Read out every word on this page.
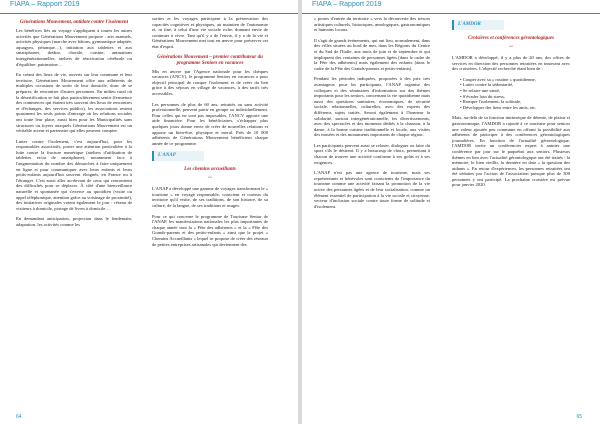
FIAPA – Rapport 2019
Générations Mouvement, antidote contre l'isolement

Les bénéfices liés au voyage s'appliquent à toutes les autres activités que Générations Mouvement propose : arts manuels, activités physiques (marche avec bâtons, gymnastique adaptée, aquagym, pétanque…), initiation aux tablettes et aux smartphones, théâtre, chorale, cuisine, animations intergénérationnelles, ateliers de réactivation cérébrale ou d'équilibre, patrimoine…

En créant des lieux de vie, ouverts sur leur commune et leur territoire, Générations Mouvement offre aux adhérents de multiples occasions de sortir de leur domicile, donc de se préparer, de rencontrer d'autres personnes. En milieu rural où la désertification se fait plus particulièrement sentir (fermeture des commerces qui étaient très souvent des lieux de rencontres et d'échanges, des services publics), les associations restent quasiment les seuls points d'ancrage où les relations sociales ont toute leur place, aussi bien pour les Municipalités sans structures ou foyers auxquels Générations Mouvement est un véritable acteur et partenaire qui elles peuvent compter.

Lutter contre l'isolement, c'est aujourd'hui, pour les responsables associatifs, porter une attention particulière à la lutte contre la fracture numérique (ateliers d'utilisation de tablettes et/ou de smartphone), notamment face à l'augmentation du nombre des démarches à faire uniquement en ligne et pour communiquer avec leurs enfants et leurs petits-enfants aujourd'hui souvent éloignés, en France ou à l'étranger. C'est aussi aller au-devant de ceux qui rencontrent des difficultés pour se déplacer. À côté d'une bienveillance naturelle et spontanée qui s'exerce au quotidien (visite ou appel téléphonique, attention grâce au voisinage de proximité), des initiatives originales voient également le jour : réseau de visiteurs à domicile, portage de livres à domicile…

En demandant anticipation, projection dans le lendemain, adaptation, les activités comme les

sorties et les voyages participent à la préservation des capacités cognitives et physiques, au maintien de l'autonomie et, in fine, à celui d'une vie sociale riche, donnant envie de continuer à vivre. Tant qu'il y a de l'envie, il y a de la vie et Générations Mouvement met tout en œuvre pour préserver cet état d'esprit.

Générations Mouvement – premier contributeur du programme Seniors en vacances

Mis en œuvre par l'Agence nationale pour les chèques vacances (ANCV), le programme Seniors en vacances a pour objectif principal de rompre l'isolement et de créer du lien grâce à des séjours en village de vacances, à des tarifs très accessibles.

Les personnes de plus de 60 ans, retraités ou sans activité professionnelle, peuvent partir en groupe ou individuellement. Pour celles qui ne sont pas imposables, l'ANCV apporte une aide financière. Pour les bénéficiaires, s'échapper plus quelques jours donne envie de créer de nouvelles relations et apporte un bien-être, physique et moral. Près de 10 000 adhérents de Générations Mouvement bénéficient chaque année de ce programme.

L'ANAP
Les chemins accueillants
~

L'ANAP a développé une gamme de voyages transformant le « tourisme » en voyage responsable, conscient et curieux du territoire qu'il visite, de ses traditions, de son histoire, de sa culture, de la langue, de ses traditions et usages.

Pour ce qui concerne le programme de Tourisme Senior de l'ANAP, les manifestations nationales les plus importantes de chaque année sont la « Fête des adhérents » et la « Fête des Grands-parents et des petits-enfants » ainsi que le projet « Chemins Accueillants » lequel se propose de créer des réseaux de petites entreprises artisanales qui deviennent des

64
FIAPA – Rapport 2019

« portes d'entrée du territoire » vers la découverte des trésors artistiques culturels, historiques, œnologiques, gastronomiques et humains locaux.

Il s'agit de grands événements, qui ont lieu, normalement, dans des villes situées au bord de mer, dans les Régions du Centre et du Sud de l'Italie, aux mois de juin et de septembre et qui impliquent des centaines de personnes âgées (dans le cadre de la Fête des adhérents) mais également des enfants (dans le cadre de la Fête des Grands-parents et petits-enfants).

Pendant les périodes indiquées, proposées à des prix très avantageux pour les participants, l'ANAP organise des colloques et des séminaires d'information sur des thèmes importants pour les seniors, concernant la vie quotidienne mais aussi des questions sanitaires, économiques, de sécurité sociale, relationnelles, culturelles, avec des experts des différents sujets traités. Seront également à l'honneur la solidarité, surtout intergénérationnelle, les divertissements, avec des spectacles et des moments dédiés à la chanson, à la danse, à la bonne cuisine traditionnelle et locale, aux visites des musées et des monuments importants de chaque région.

Les participants peuvent aussi se relaxer, dialoguer ou faire du sport s'ils le désirent. Il y a beaucoup de choix, permettant à chacun de trouver une activité conforme à ses goûts et à ses exigences.

L'ANAP n'est pas une agence de tourisme, mais ses représentants et bénévoles sont conscients de l'importance du tourisme comme une activité faisant la promotion de la vie active des personnes âgées et de leur socialisation, comme un élément essentiel de participation à la vie sociale et citoyenne, vecteur d'inclusion sociale contre toute forme de solitude et d'isolement.

L'AMDOR
Croisières et conférences gérontologiques
~

L'AMDOR a développé, il y a plus de 20 ans, des offres de services en direction des personnes retraitées en innovant avec des croisières. L'objectif recherché étant bien de :

• Couper avec sa « routine » quotidienne,
• Lutter contre la sédentarité,
• Se refaire une santé,
• S'évader loin du stress,
• Rompre l'isolement, la solitude,
• Développer des liens entre les amis, etc.

Mais, au-delà de sa fonction intrinsèque de détente, de plaisir et gastronomique, l'AMDOR a rajouté à ce tourisme pour seniors une valeur ajoutée peu commune en offrant la possibilité aux adhérents de participer à des conférences gérontologiques journalières. En fonction de l'actualité gérontologique, l'AMDOR invite un conférencier expert à animer une conférence par jour sur le paquebot aux seniors. Plusieurs thèmes en lien avec l'actualité gérontologique ont été traités : la mémoire, le bien vieillir, la dernière en date « la question des aidants ». En retour d'expériences, les personnes retraitées ont été séduites par l'action de l'association puisque plus de 300 personnes y ont participé. La prochaine croisière est prévue pour janvier 2020.

65
